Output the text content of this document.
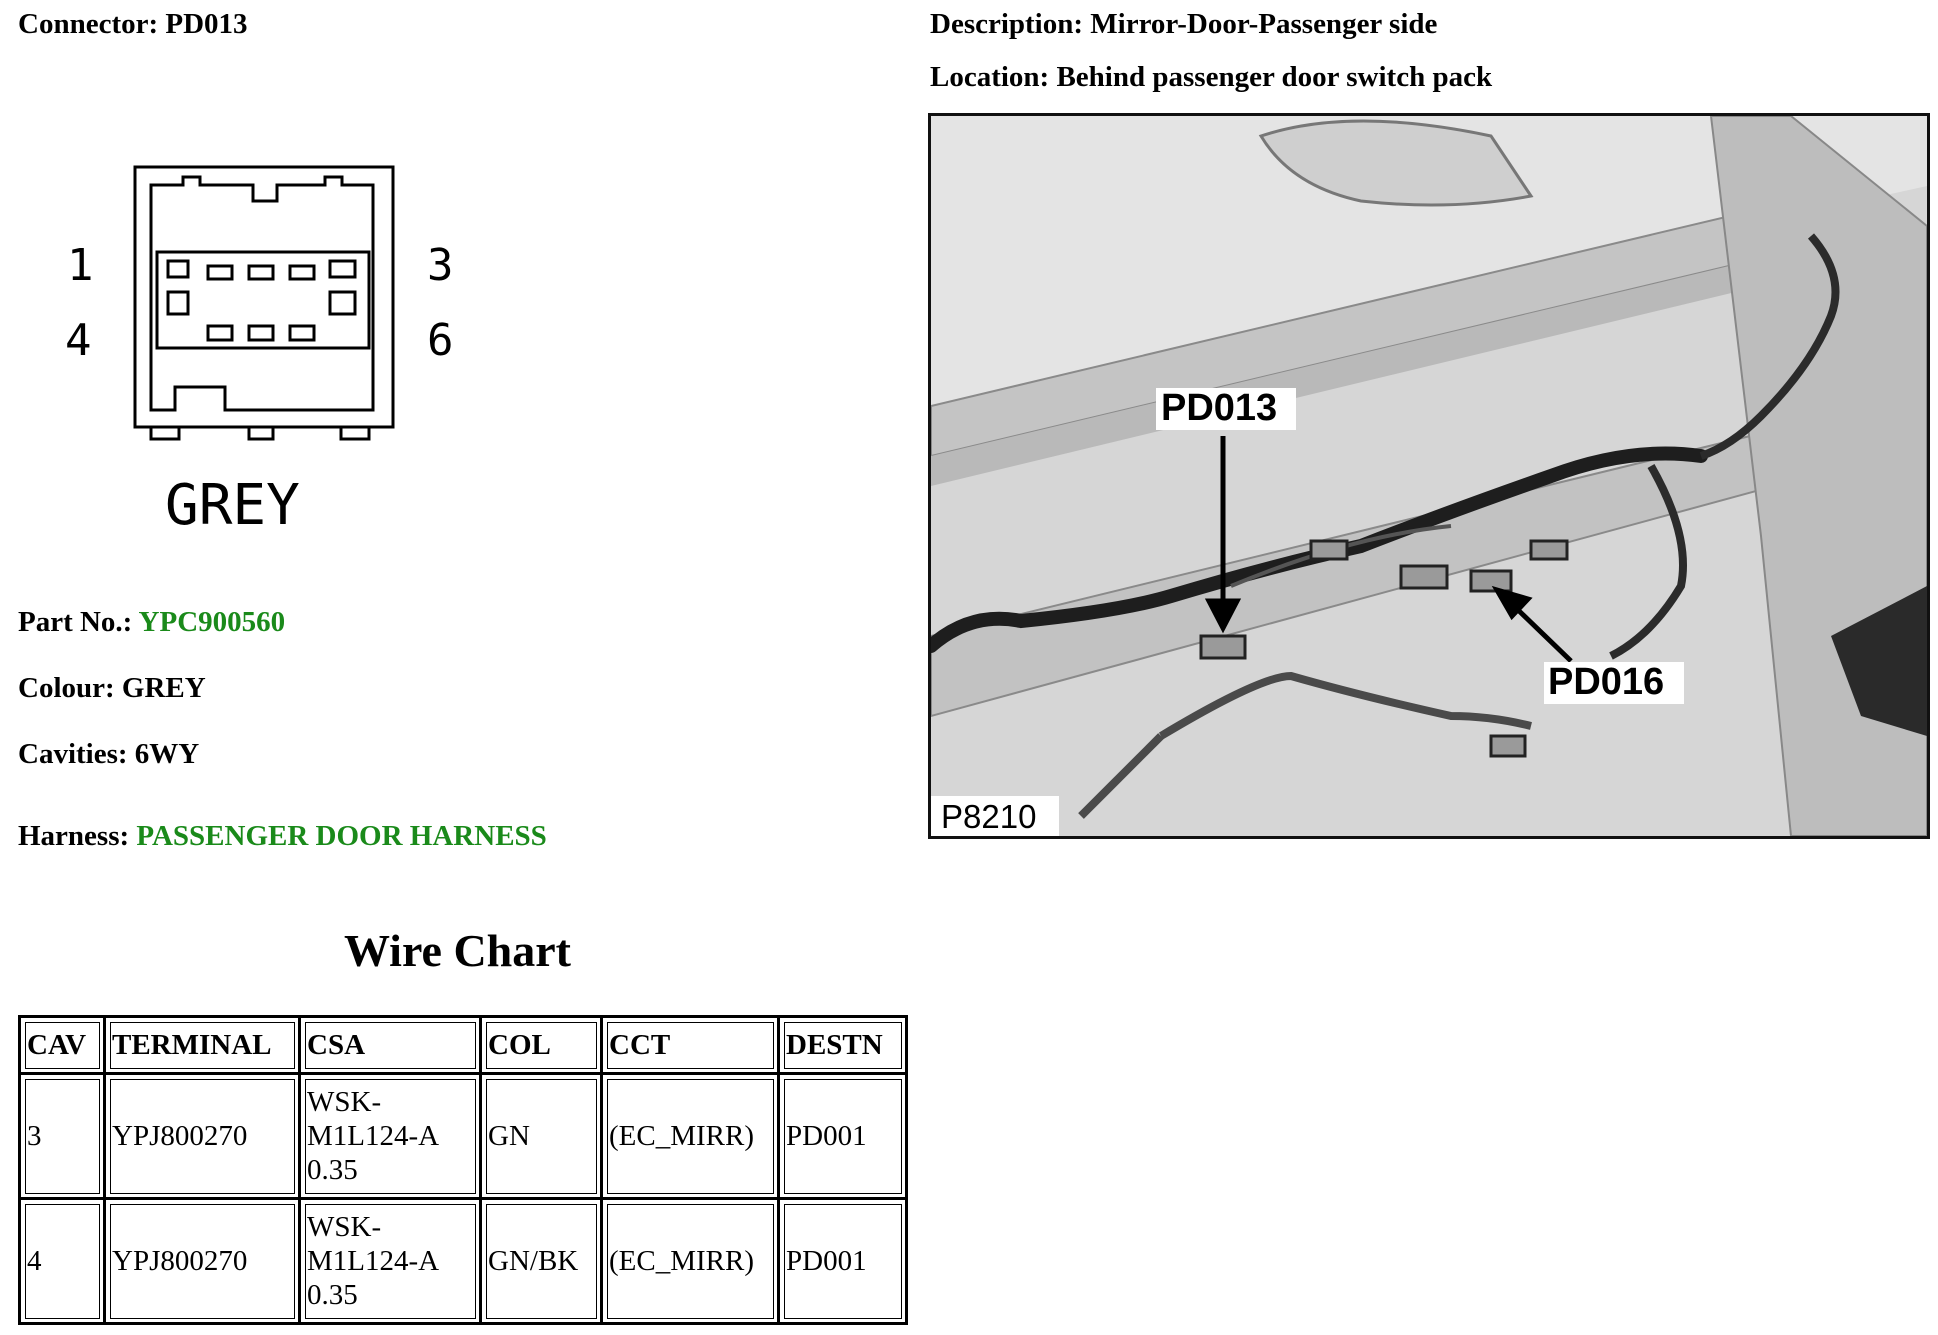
Connector: PD013	Description: Mirror-Door-Passenger side
Location: Behind passenger door switch pack
1
4
3
6
GREY
Part No.: YPC900560
Colour: GREY
Cavities: 6WY
Harness: PASSENGER DOOR HARNESS
PD013
PD016
P8210
Wire Chart
CAV	TERMINAL	CSA	COL	CCT	DESTN
3	YPJ800270	WSK-
M1L124-A
0.35	GN	(EC_MIRR)	PD001
4	YPJ800270	WSK-
M1L124-A
0.35	GN/BK	(EC_MIRR)	PD001
